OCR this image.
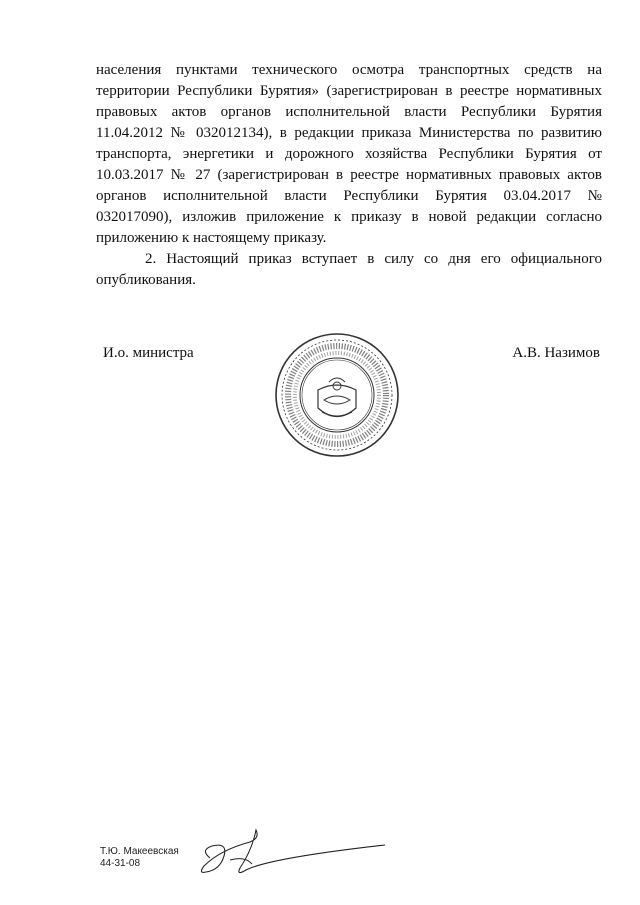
населения пунктами технического осмотра транспортных средств на
территории Республики Бурятия» (зарегистрирован в реестре нормативных
правовых актов органов исполнительной власти Республики Бурятия
11.04.2012 № 032012134), в редакции приказа Министерства по развитию
транспорта, энергетики и дорожного хозяйства Республики Бурятия от
10.03.2017 № 27 (зарегистрирован в реестре нормативных правовых актов
органов исполнительной власти Республики Бурятия 03.04.2017 №
032017090), изложив приложение к приказу в новой редакции согласно
приложению к настоящему приказу.
2. Настоящий приказ вступает в силу со дня его официального
опубликования.
И.о. министра	А.В. Назимов
Т.Ю. Макеевская
44-31-08
